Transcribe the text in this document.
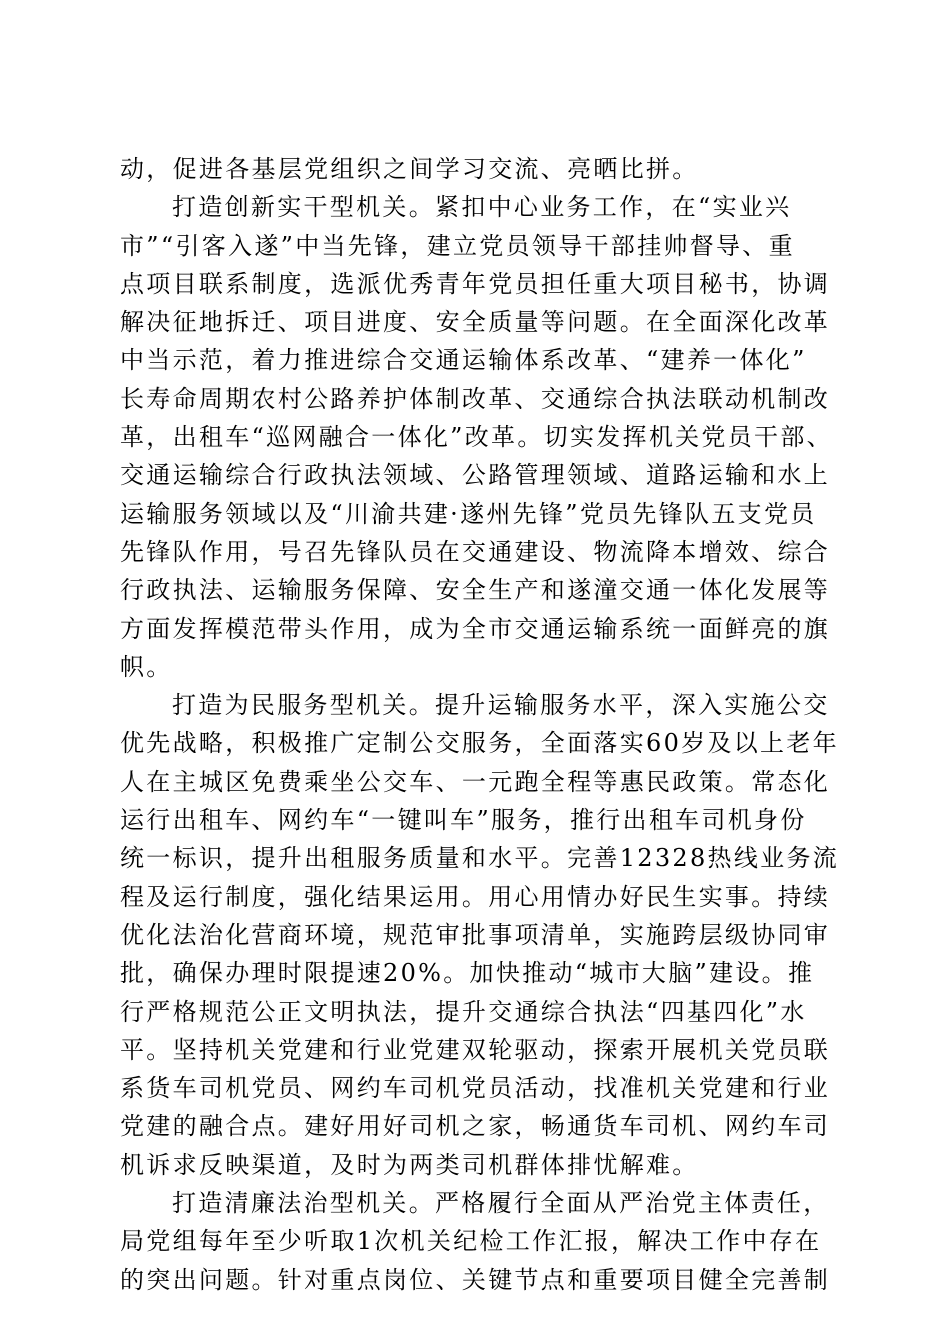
动，促进各基层党组织之间学习交流、亮晒比拼。
打造创新实干型机关。紧扣中心业务工作，在“实业兴
市”“引客入遂”中当先锋，建立党员领导干部挂帅督导、重
点项目联系制度，选派优秀青年党员担任重大项目秘书，协调
解决征地拆迁、项目进度、安全质量等问题。在全面深化改革
中当示范，着力推进综合交通运输体系改革、“建养一体化”
长寿命周期农村公路养护体制改革、交通综合执法联动机制改
革，出租车“巡网融合一体化”改革。切实发挥机关党员干部、
交通运输综合行政执法领域、公路管理领域、道路运输和水上
运输服务领域以及“川渝共建·遂州先锋”党员先锋队五支党员
先锋队作用，号召先锋队员在交通建设、物流降本增效、综合
行政执法、运输服务保障、安全生产和遂潼交通一体化发展等
方面发挥模范带头作用，成为全市交通运输系统一面鲜亮的旗
帜。
打造为民服务型机关。提升运输服务水平，深入实施公交
优先战略，积极推广定制公交服务，全面落实60岁及以上老年
人在主城区免费乘坐公交车、一元跑全程等惠民政策。常态化
运行出租车、网约车“一键叫车”服务，推行出租车司机身份
统一标识，提升出租服务质量和水平。完善12328热线业务流
程及运行制度，强化结果运用。用心用情办好民生实事。持续
优化法治化营商环境，规范审批事项清单，实施跨层级协同审
批，确保办理时限提速20%。加快推动“城市大脑”建设。推
行严格规范公正文明执法，提升交通综合执法“四基四化”水
平。坚持机关党建和行业党建双轮驱动，探索开展机关党员联
系货车司机党员、网约车司机党员活动，找准机关党建和行业
党建的融合点。建好用好司机之家，畅通货车司机、网约车司
机诉求反映渠道，及时为两类司机群体排忧解难。
打造清廉法治型机关。严格履行全面从严治党主体责任，
局党组每年至少听取1次机关纪检工作汇报，解决工作中存在
的突出问题。针对重点岗位、关键节点和重要项目健全完善制
